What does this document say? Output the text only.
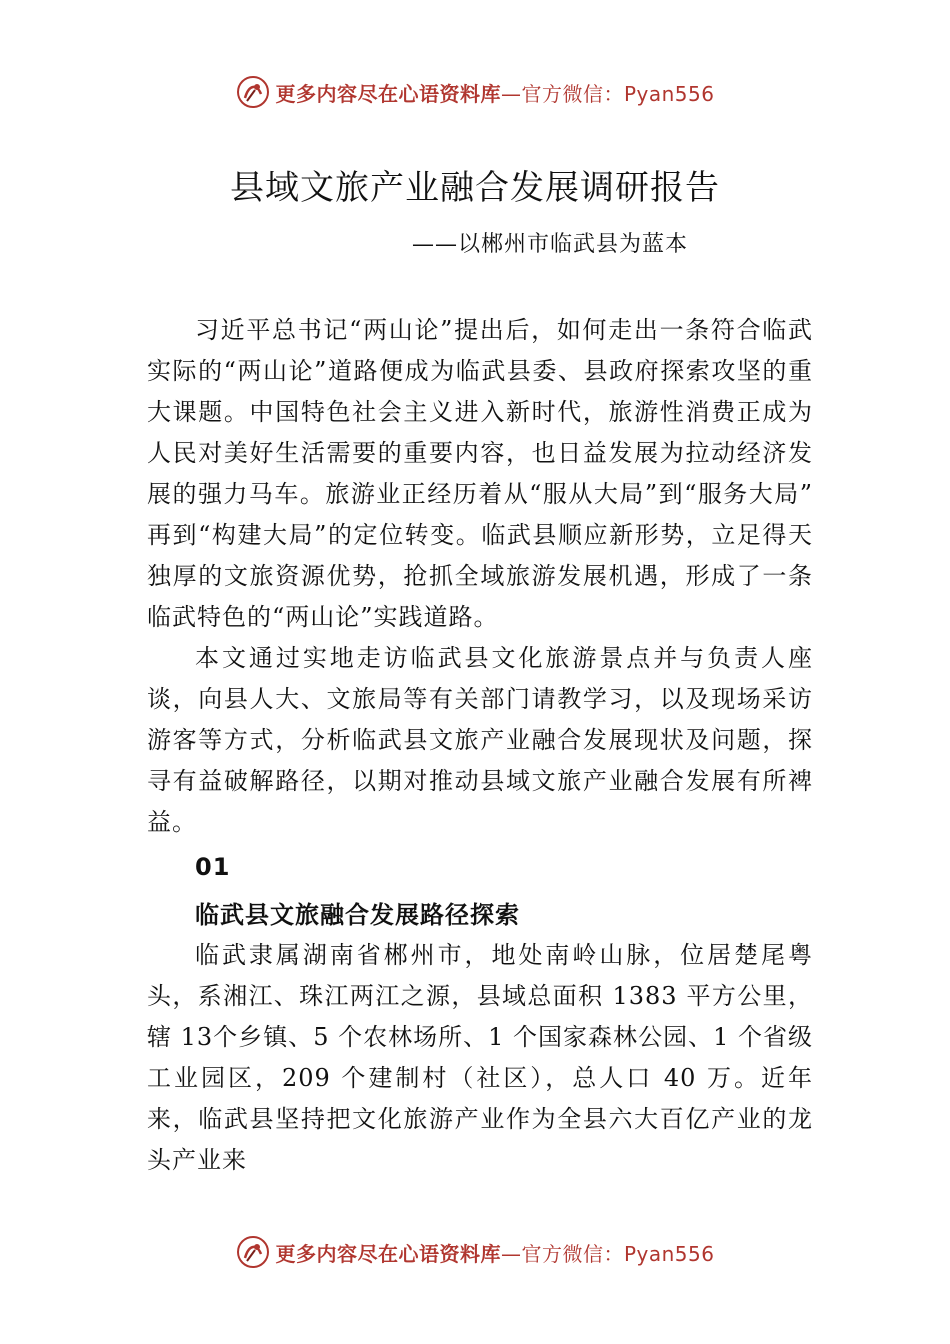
更多内容尽在心语资料库—官方微信：Pyan556
县域文旅产业融合发展调研报告
——以郴州市临武县为蓝本

习近平总书记“两山论”提出后，如何走出一条符合临武实际的“两山论”道路便成为临武县委、县政府探索攻坚的重大课题。中国特色社会主义进入新时代，旅游性消费正成为 人民对美好生活需要的重要内容，也日益发展为拉动经济发展的强力马车。旅游业正经历着从“服从大局”到“服务大局” 再到“构建大局”的定位转变。临武县顺应新形势，立足得天独厚的文旅资源优势，抢抓全域旅游发展机遇，形成了一条临武特色的“两山论”实践道路。

本文通过实地走访临武县文化旅游景点并与负责人座谈，向县人大、文旅局等有关部门请教学习，以及现场采访游客等方式，分析临武县文旅产业融合发展现状及问题，探寻有益破解路径，以期对推动县域文旅产业融合发展有所裨益。

01

临武县文旅融合发展路径探索

临武隶属湖南省郴州市，地处南岭山脉，位居楚尾粤头，系湘江、珠江两江之源，县域总面积 1383 平方公里，辖 13个乡镇、5 个农林场所、1 个国家森林公园、1 个省级工业园区，209 个建制村（社区），总人口 40 万。近年来，临武县坚持把文化旅游产业作为全县六大百亿产业的龙头产业来

更多内容尽在心语资料库—官方微信：Pyan556
